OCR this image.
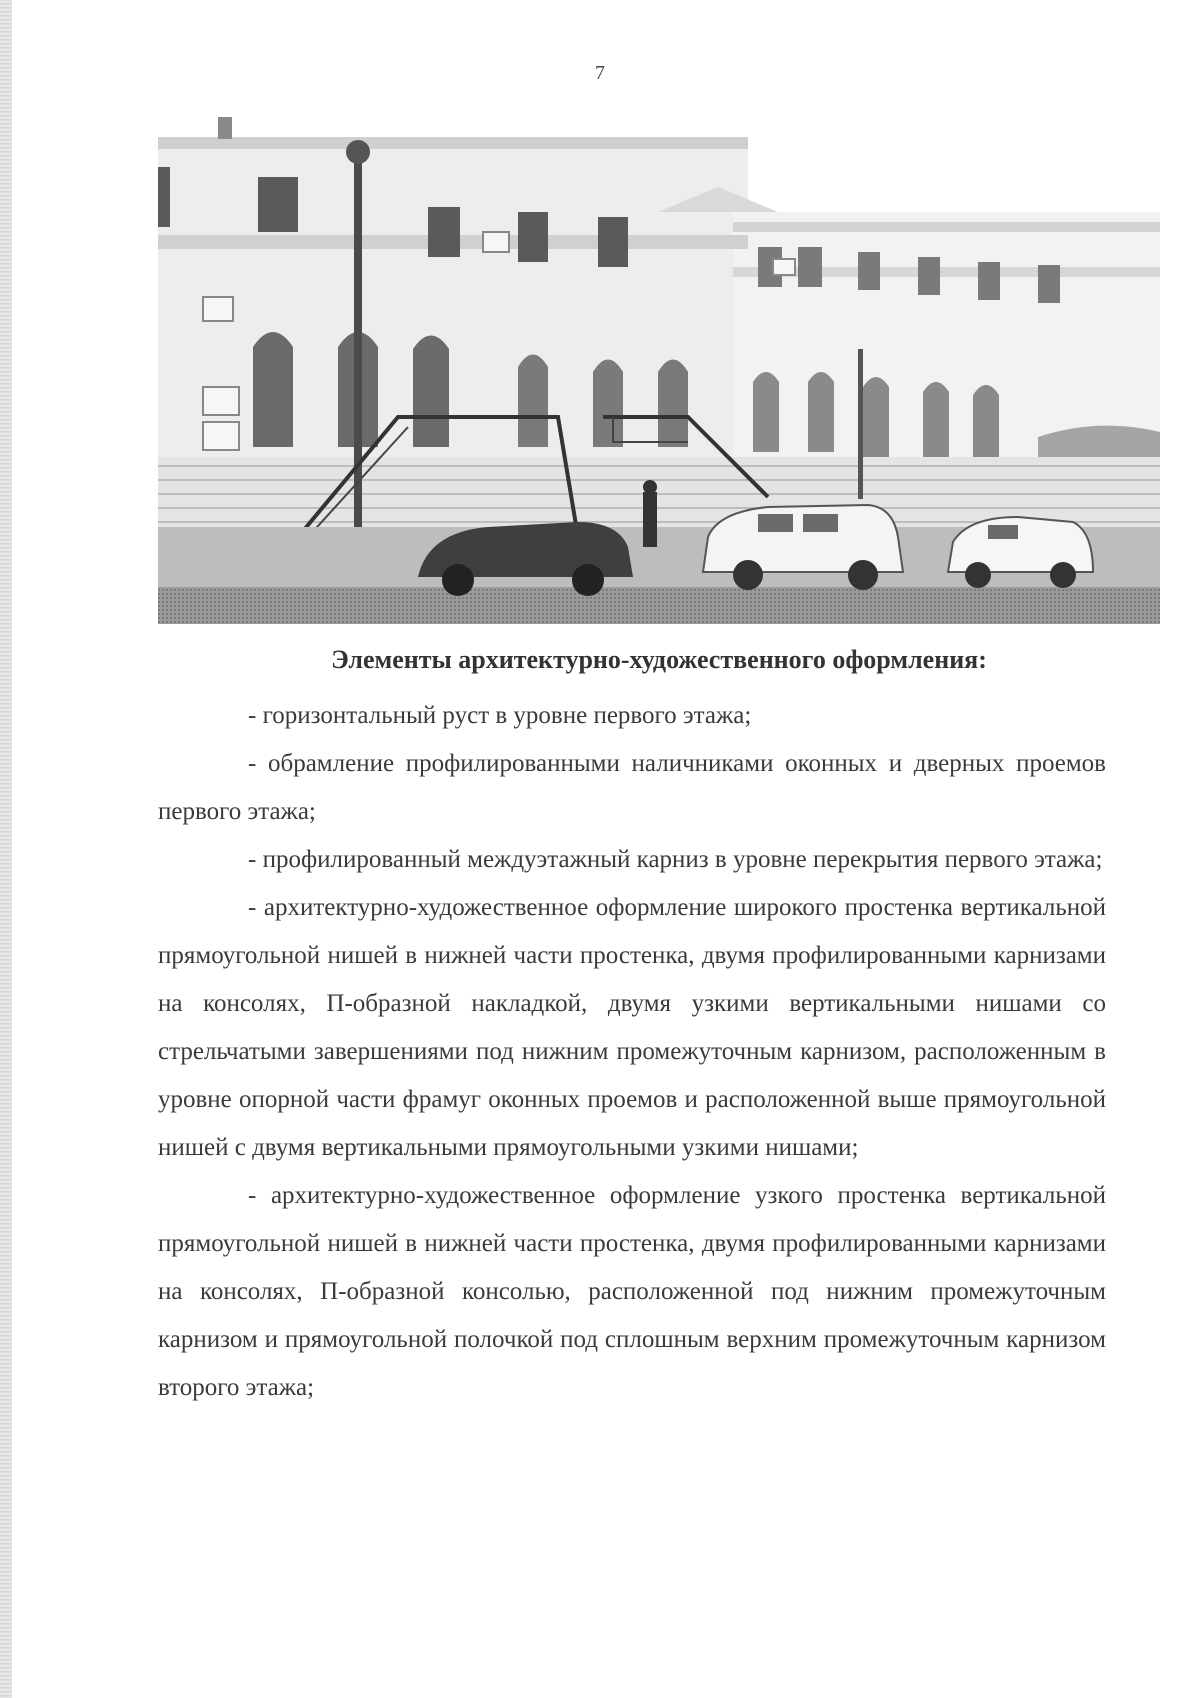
7
Элементы архитектурно-художественного оформления:

- горизонтальный руст в уровне первого этажа;

- обрамление профилированными наличниками оконных и дверных проемов первого этажа;

- профилированный междуэтажный карниз в уровне перекрытия первого этажа;

- архитектурно-художественное оформление широкого простенка вертикальной прямоугольной нишей в нижней части простенка, двумя профилированными карнизами на консолях, П-образной накладкой, двумя узкими вертикальными нишами со стрельчатыми завершениями под нижним промежуточным карнизом, расположенным в уровне опорной части фрамуг оконных проемов и расположенной выше прямоугольной нишей с двумя вертикальными прямоугольными узкими нишами;

- архитектурно-художественное оформление узкого простенка вертикальной прямоугольной нишей в нижней части простенка, двумя профилированными карнизами на консолях, П-образной консолью, расположенной под нижним промежуточным карнизом и прямоугольной полочкой под сплошным верхним промежуточным карнизом второго этажа;
